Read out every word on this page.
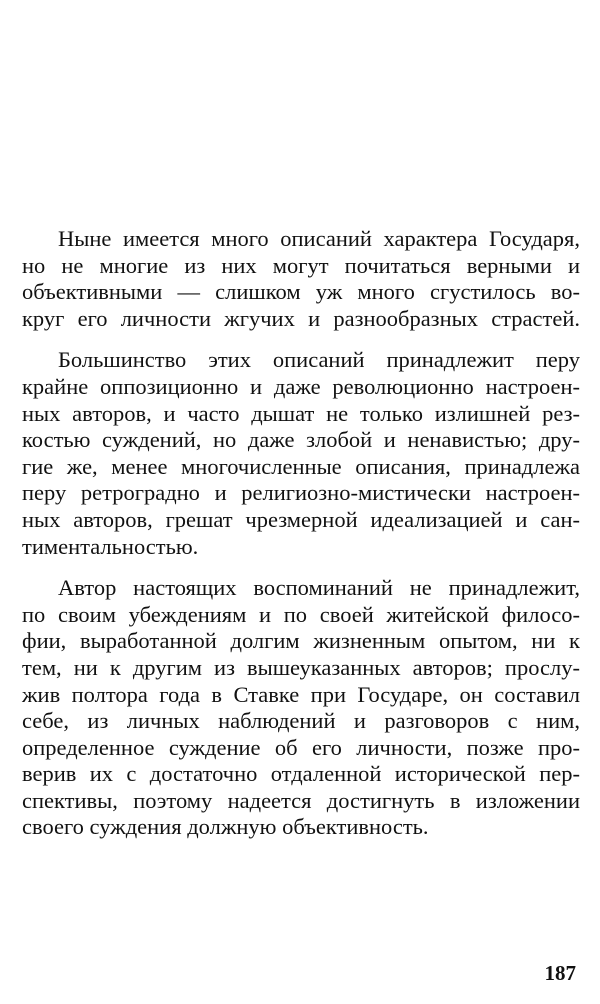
Ныне имеется много описаний характера Государя,
но не многие из них могут почитаться верными и
объективными — слишком уж много сгустилось во-
круг его личности жгучих и разнообразных страстей.
Большинство этих описаний принадлежит перу
крайне оппозиционно и даже революционно настроен-
ных авторов, и часто дышат не только излишней рез-
костью суждений, но даже злобой и ненавистью; дру-
гие же, менее многочисленные описания, принадлежа
перу ретроградно и религиозно-мистически настроен-
ных авторов, грешат чрезмерной идеализацией и сан-
тиментальностью.
Автор настоящих воспоминаний не принадлежит,
по своим убеждениям и по своей житейской филосо-
фии, выработанной долгим жизненным опытом, ни к
тем, ни к другим из вышеуказанных авторов; прослу-
жив полтора года в Ставке при Государе, он составил
себе, из личных наблюдений и разговоров с ним,
определенное суждение об его личности, позже про-
верив их с достаточно отдаленной исторической пер-
спективы, поэтому надеется достигнуть в изложении
своего суждения должную объективность.
187
